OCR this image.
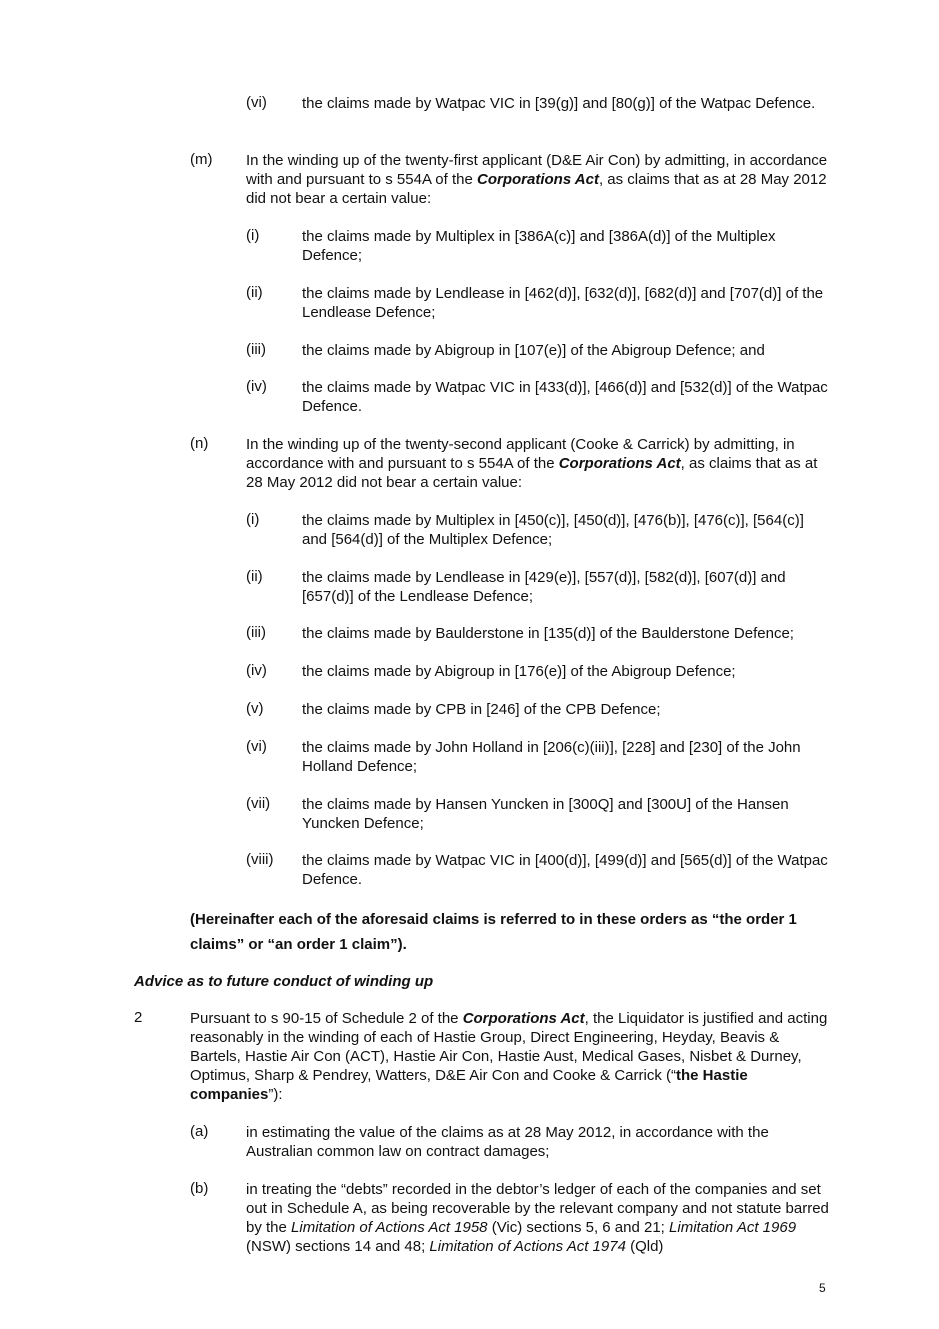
(vi) the claims made by Watpac VIC in [39(g)] and [80(g)] of the Watpac Defence.
(m) In the winding up of the twenty-first applicant (D&E Air Con) by admitting, in accordance with and pursuant to s 554A of the Corporations Act, as claims that as at 28 May 2012 did not bear a certain value:
(i)	the claims made by Multiplex in [386A(c)] and [386A(d)] of the Multiplex Defence;
(ii)	the claims made by Lendlease in [462(d)], [632(d)], [682(d)] and [707(d)] of the Lendlease Defence;
(iii) the claims made by Abigroup in [107(e)] of the Abigroup Defence; and
(iv) the claims made by Watpac VIC in [433(d)], [466(d)] and [532(d)] of the Watpac Defence.
(n)	In the winding up of the twenty-second applicant (Cooke & Carrick) by admitting, in accordance with and pursuant to s 554A of the Corporations Act, as claims that as at 28 May 2012 did not bear a certain value:
(i)	the claims made by Multiplex in [450(c)], [450(d)], [476(b)], [476(c)], [564(c)] and [564(d)] of the Multiplex Defence;
(ii)	the claims made by Lendlease in [429(e)], [557(d)], [582(d)], [607(d)] and [657(d)] of the Lendlease Defence;
(iii) the claims made by Baulderstone in [135(d)] of the Baulderstone Defence;
(iv) the claims made by Abigroup in [176(e)] of the Abigroup Defence;
(v)	the claims made by CPB in [246] of the CPB Defence;
(vi) the claims made by John Holland in [206(c)(iii)], [228] and [230] of the John Holland Defence;
(vii) the claims made by Hansen Yuncken in [300Q] and [300U] of the Hansen Yuncken Defence;
(viii) the claims made by Watpac VIC in [400(d)], [499(d)] and [565(d)] of the Watpac Defence.
(Hereinafter each of the aforesaid claims is referred to in these orders as “the order 1 claims” or “an order 1 claim”).
Advice as to future conduct of winding up
2	Pursuant to s 90-15 of Schedule 2 of the Corporations Act, the Liquidator is justified and acting reasonably in the winding of each of Hastie Group, Direct Engineering, Heyday, Beavis & Bartels, Hastie Air Con (ACT), Hastie Air Con, Hastie Aust, Medical Gases, Nisbet & Durney, Optimus, Sharp & Pendrey, Watters, D&E Air Con and Cooke & Carrick (“the Hastie companies”):
(a)	in estimating the value of the claims as at 28 May 2012, in accordance with the Australian common law on contract damages;
(b)	in treating the “debts” recorded in the debtor’s ledger of each of the companies and set out in Schedule A, as being recoverable by the relevant company and not statute barred by the Limitation of Actions Act 1958 (Vic) sections 5, 6 and 21; Limitation Act 1969 (NSW) sections 14 and 48; Limitation of Actions Act 1974 (Qld)
5
